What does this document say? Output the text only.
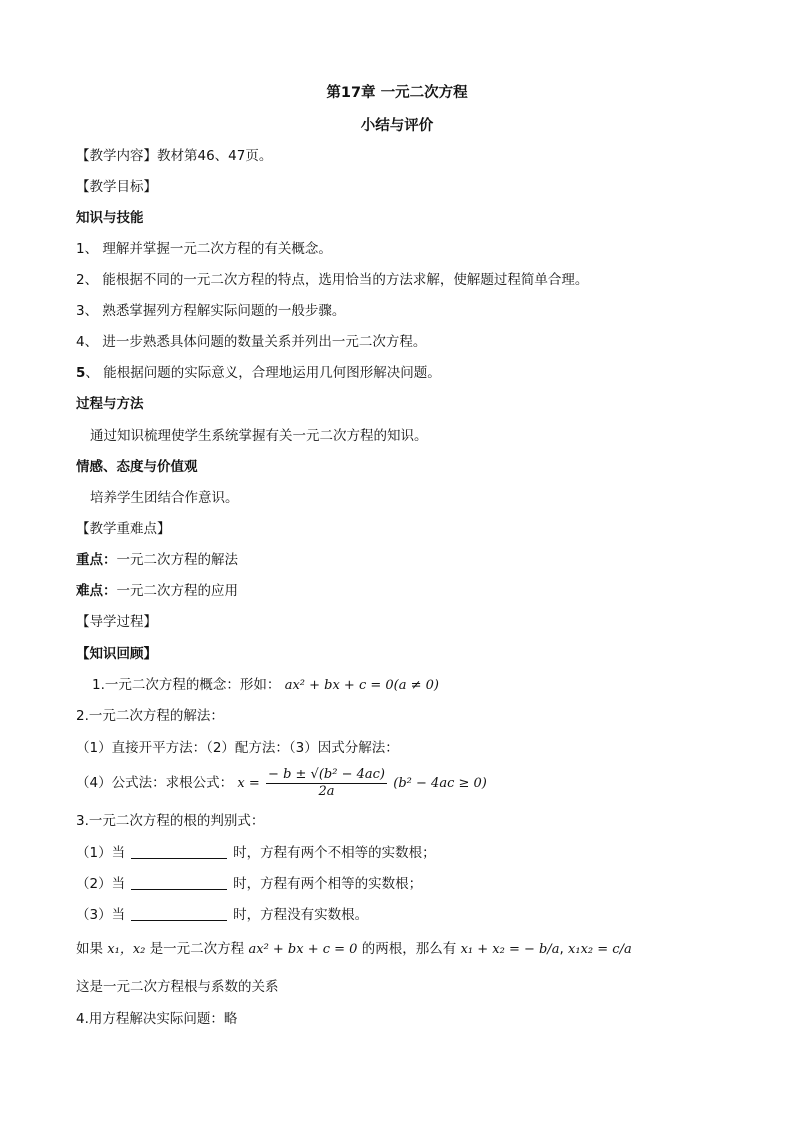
第17章 一元二次方程
小结与评价
【教学内容】教材第46、47页。
【教学目标】
知识与技能
1、 理解并掌握一元二次方程的有关概念。
2、 能根据不同的一元二次方程的特点，选用恰当的方法求解，使解题过程简单合理。
3、 熟悉掌握列方程解实际问题的一般步骤。
4、 进一步熟悉具体问题的数量关系并列出一元二次方程。
5、 能根据问题的实际意义，合理地运用几何图形解决问题。
过程与方法
通过知识梳理使学生系统掌握有关一元二次方程的知识。
情感、态度与价值观
培养学生团结合作意识。
【教学重难点】
重点：一元二次方程的解法
难点：一元二次方程的应用
【导学过程】
【知识回顾】
1.一元二次方程的概念：形如： ax² + bx + c = 0(a ≠ 0)
2.一元二次方程的解法：
（1）直接开平方法：（2）配方法：（3）因式分解法：
（4）公式法：求根公式： $x = \frac{\text{− b ± √(b² − 4ac)}}{2a} (b^2 - 4ac \ge 0)$
3.一元二次方程的根的判别式：
（1）当	时，方程有两个不相等的实数根；
（2）当	时，方程有两个相等的实数根；
（3）当	时，方程没有实数根。
如果 x₁，x₂ 是一元二次方程 ax² + bx + c = 0 的两根，那么有 x₁ + x₂ = − b/a, x₁x₂ = c/a
这是一元二次方程根与系数的关系
4.用方程解决实际问题：略
